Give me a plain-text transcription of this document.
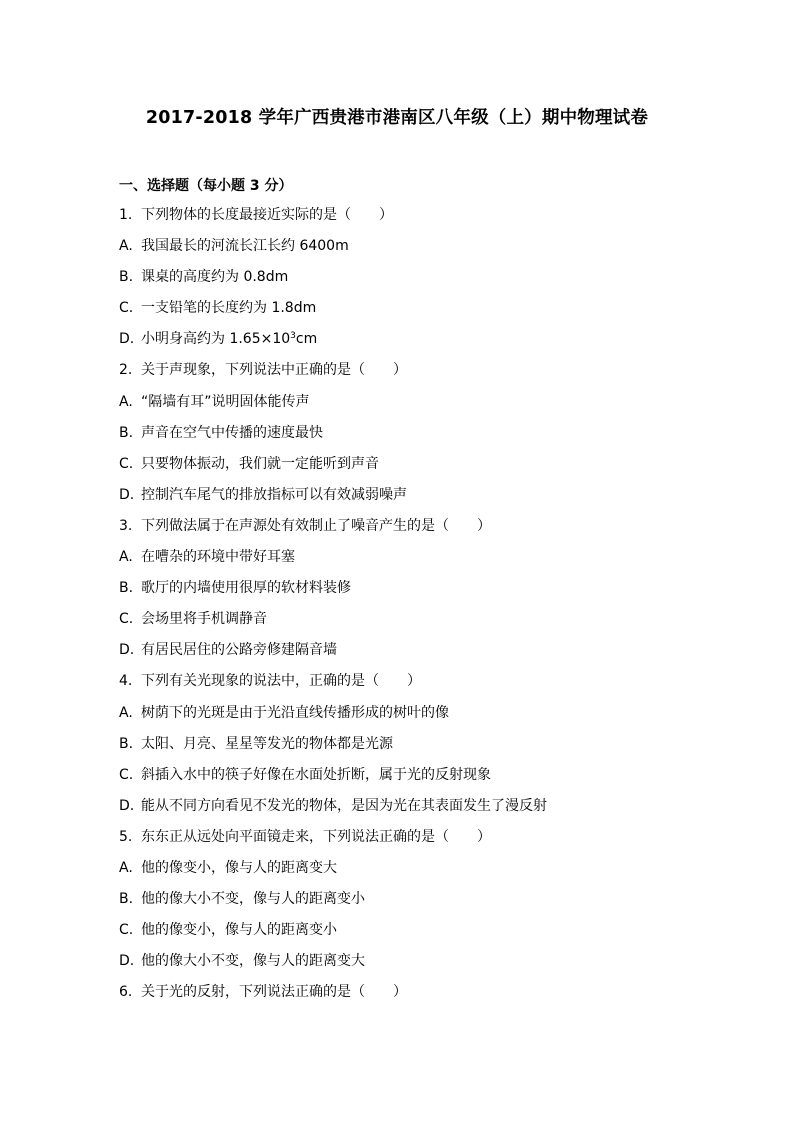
2017-2018 学年广西贵港市港南区八年级（上）期中物理试卷
一、选择题（每小题 3 分）
1. 下列物体的长度最接近实际的是（　　）
A. 我国最长的河流长江长约 6400m
B. 课桌的高度约为 0.8dm
C. 一支铅笔的长度约为 1.8dm
D. 小明身高约为 $1.65\times 10^3cm$
2. 关于声现象，下列说法中正确的是（　　）
A. “隔墙有耳”说明固体能传声
B. 声音在空气中传播的速度最快
C. 只要物体振动，我们就一定能听到声音
D. 控制汽车尾气的排放指标可以有效减弱噪声
3. 下列做法属于在声源处有效制止了噪音产生的是（　　）
A. 在嘈杂的环境中带好耳塞
B. 歌厅的内墙使用很厚的软材料装修
C. 会场里将手机调静音
D. 有居民居住的公路旁修建隔音墙
4. 下列有关光现象的说法中，正确的是（　　）
A. 树荫下的光斑是由于光沿直线传播形成的树叶的像
B. 太阳、月亮、星星等发光的物体都是光源
C. 斜插入水中的筷子好像在水面处折断，属于光的反射现象
D. 能从不同方向看见不发光的物体，是因为光在其表面发生了漫反射
5. 东东正从远处向平面镜走来，下列说法正确的是（　　）
A. 他的像变小，像与人的距离变大
B. 他的像大小不变，像与人的距离变小
C. 他的像变小，像与人的距离变小
D. 他的像大小不变，像与人的距离变大
6. 关于光的反射，下列说法正确的是（　　）
